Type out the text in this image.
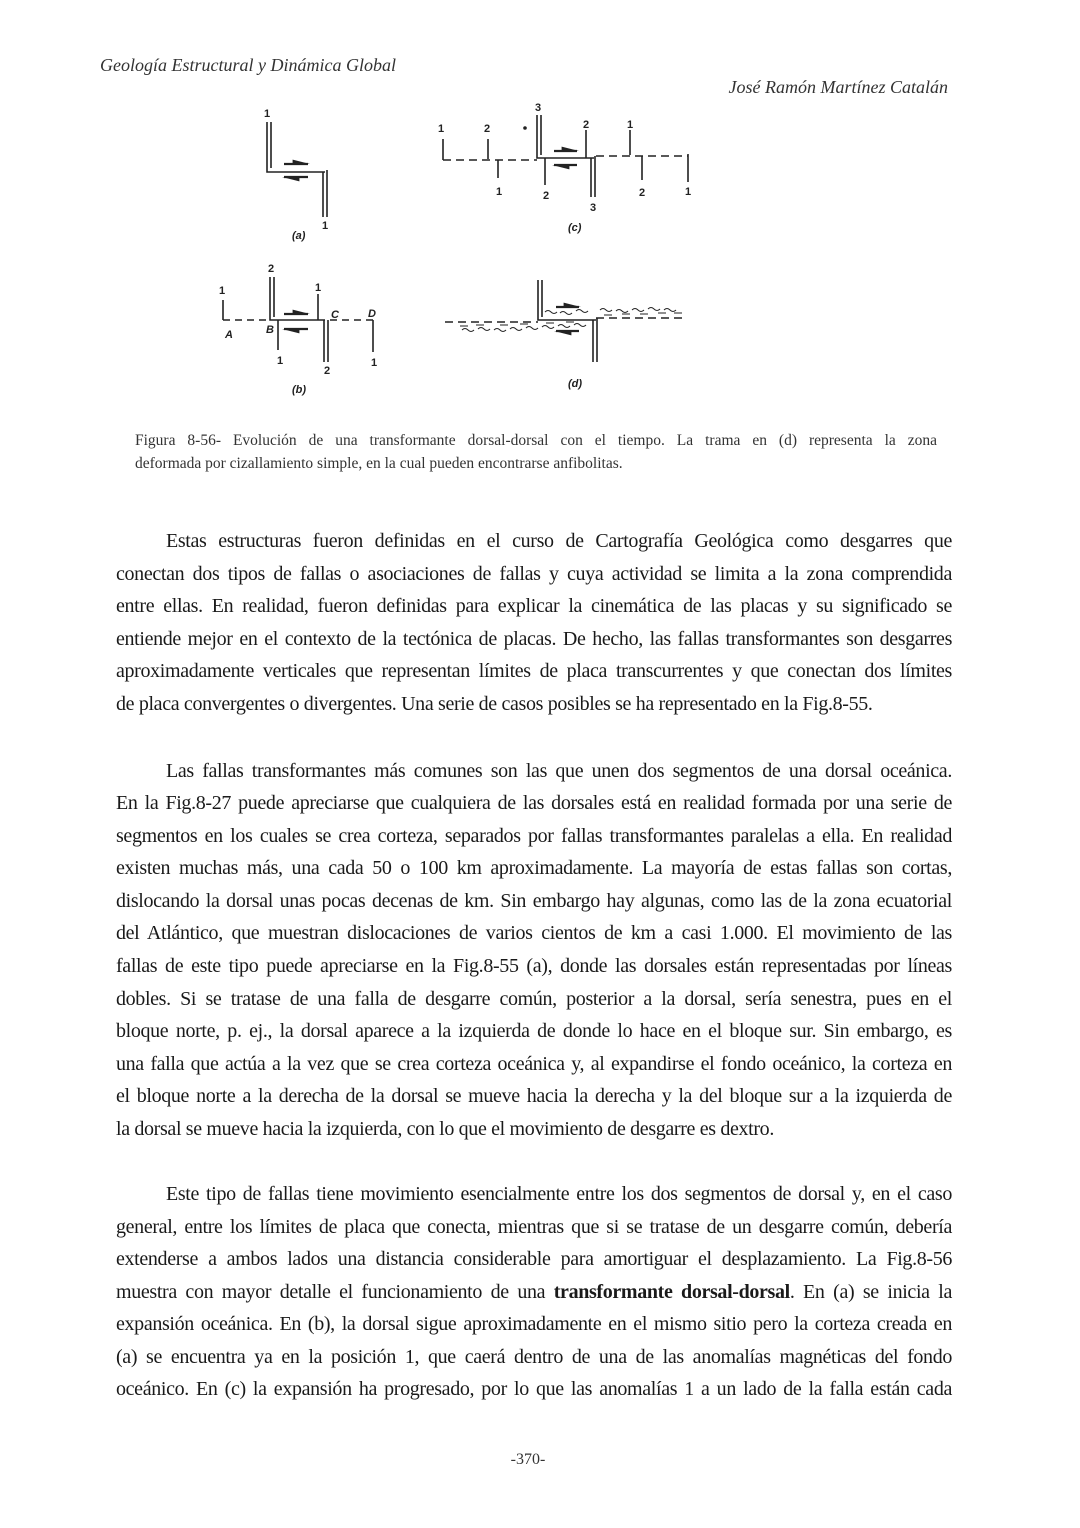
Geología Estructural y Dinámica Global
José Ramón Martínez Catalán
1
1
(a)
1
A
2
B
1
1
C
2
D
1
(b)
1	2
1
3
2
3
2	1
2	1
(c)
(d)
Figura 8-56- Evolución de una transformante dorsal-dorsal con el tiempo. La trama en (d) representa la zona
deformada por cizallamiento simple, en la cual pueden encontrarse anfibolitas.
Estas estructuras fueron definidas en el curso de Cartografía Geológica como desgarres que
conectan dos tipos de fallas o asociaciones de fallas y cuya actividad se limita a la zona comprendida
entre ellas. En realidad, fueron definidas para explicar la cinemática de las placas y su significado se
entiende mejor en el contexto de la tectónica de placas. De hecho, las fallas transformantes son desgarres
aproximadamente verticales que representan límites de placa transcurrentes y que conectan dos límites
de placa convergentes o divergentes. Una serie de casos posibles se ha representado en la Fig.8-55.
Las fallas transformantes más comunes son las que unen dos segmentos de una dorsal oceánica.
En la Fig.8-27 puede apreciarse que cualquiera de las dorsales está en realidad formada por una serie de
segmentos en los cuales se crea corteza, separados por fallas transformantes paralelas a ella. En realidad
existen muchas más, una cada 50 o 100 km aproximadamente. La mayoría de estas fallas son cortas,
dislocando la dorsal unas pocas decenas de km. Sin embargo hay algunas, como las de la zona ecuatorial
del Atlántico, que muestran dislocaciones de varios cientos de km a casi 1.000. El movimiento de las
fallas de este tipo puede apreciarse en la Fig.8-55 (a), donde las dorsales están representadas por líneas
dobles. Si se tratase de una falla de desgarre común, posterior a la dorsal, sería senestra, pues en el
bloque norte, p. ej., la dorsal aparece a la izquierda de donde lo hace en el bloque sur. Sin embargo, es
una falla que actúa a la vez que se crea corteza oceánica y, al expandirse el fondo oceánico, la corteza en
el bloque norte a la derecha de la dorsal se mueve hacia la derecha y la del bloque sur a la izquierda de
la dorsal se mueve hacia la izquierda, con lo que el movimiento de desgarre es dextro.
Este tipo de fallas tiene movimiento esencialmente entre los dos segmentos de dorsal y, en el caso
general, entre los límites de placa que conecta, mientras que si se tratase de un desgarre común, debería
extenderse a ambos lados una distancia considerable para amortiguar el desplazamiento. La Fig.8-56
muestra con mayor detalle el funcionamiento de una transformante dorsal-dorsal. En (a) se inicia la
expansión oceánica. En (b), la dorsal sigue aproximadamente en el mismo sitio pero la corteza creada en
(a) se encuentra ya en la posición 1, que caerá dentro de una de las anomalías magnéticas del fondo
oceánico. En (c) la expansión ha progresado, por lo que las anomalías 1 a un lado de la falla están cada
-370-
